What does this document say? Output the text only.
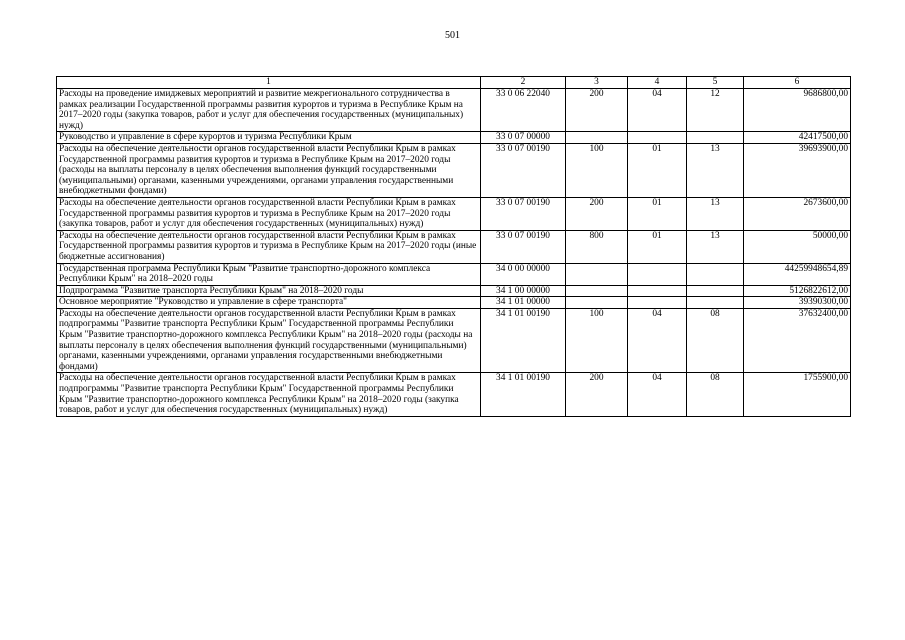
501
1	2	3	4	5	6
Расходы на проведение имиджевых мероприятий и развитие межрегионального сотрудничества в рамках реализации Государственной программы развития курортов и туризма в Республике Крым на 2017–2020 годы (закупка товаров, работ и услуг для обеспечения государственных (муниципальных) нужд)	33 0 06 22040	200	04	12	9686800,00
Руководство и управление в сфере курортов и туризма Республики Крым	33 0 07 00000				42417500,00
Расходы на обеспечение деятельности органов государственной власти Республики Крым в рамках Государственной программы развития курортов и туризма в Республике Крым на 2017–2020 годы (расходы на выплаты персоналу в целях обеспечения выполнения функций государственными (муниципальными) органами, казенными учреждениями, органами управления государственными внебюджетными фондами)	33 0 07 00190	100	01	13	39693900,00
Расходы на обеспечение деятельности органов государственной власти Республики Крым в рамках Государственной программы развития курортов и туризма в Республике Крым на 2017–2020 годы (закупка товаров, работ и услуг для обеспечения государственных (муниципальных) нужд)	33 0 07 00190	200	01	13	2673600,00
Расходы на обеспечение деятельности органов государственной власти Республики Крым в рамках Государственной программы развития курортов и туризма в Республике Крым на 2017–2020 годы (иные бюджетные ассигнования)	33 0 07 00190	800	01	13	50000,00
Государственная программа Республики Крым "Развитие транспортно-дорожного комплекса Республики Крым" на 2018–2020 годы	34 0 00 00000				44259948654,89
Подпрограмма "Развитие транспорта Республики Крым" на 2018–2020 годы	34 1 00 00000				5126822612,00
Основное мероприятие "Руководство и управление в сфере транспорта"	34 1 01 00000				39390300,00
Расходы на обеспечение деятельности органов государственной власти Республики Крым в рамках подпрограммы "Развитие транспорта Республики Крым" Государственной программы Республики Крым "Развитие транспортно-дорожного комплекса Республики Крым" на 2018–2020 годы (расходы на выплаты персоналу в целях обеспечения выполнения функций государственными (муниципальными) органами, казенными учреждениями, органами управления государственными внебюджетными фондами)	34 1 01 00190	100	04	08	37632400,00
Расходы на обеспечение деятельности органов государственной власти Республики Крым в рамках подпрограммы "Развитие транспорта Республики Крым" Государственной программы Республики Крым "Развитие транспортно-дорожного комплекса Республики Крым" на 2018–2020 годы (закупка товаров, работ и услуг для обеспечения государственных (муниципальных) нужд)	34 1 01 00190	200	04	08	1755900,00
